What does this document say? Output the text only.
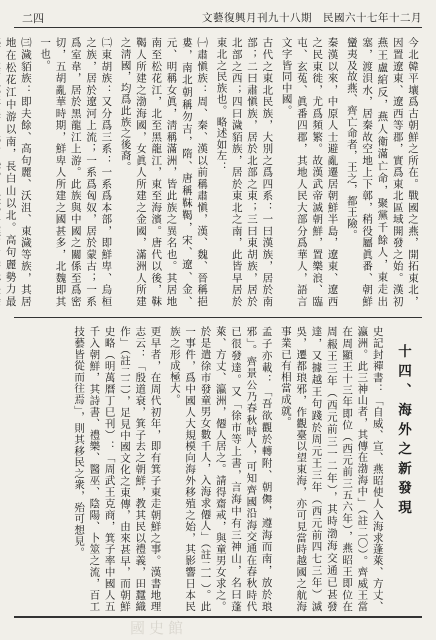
文藝復興月刊九十八期　民國六十七年十二月
二四
今北韓平壤爲古朝鮮之所在。戰國之燕，開拓東北，因置遼東、遼西等郡，實爲東北區域開發之始。漢初燕王盧綰反，燕人衛滿亡命，聚黨千餘人，東走出塞，渡浿水，居秦故空地上下鄣，稍役屬眞番、朝鮮蠻夷及故燕、齊亡命者，王之，都王險。
秦漢以來，中原人士避亂遷居朝鮮半島，遼東、遼西之民東徙，尤爲頻繁。故漢武帝滅朝鮮，置樂浪、臨屯、玄菟、眞番四郡，其地人民大部分爲華人，語言文字皆同中國。
古代之東北民族，大別之爲四系：一曰漢族，居於南部；二曰肅愼族，居於北部之東；三曰東胡族，居於北部之西；四曰濊貊族，居於東北之南，此皆早居於東北之民族也。略述如左：
㈠肅愼族：周、秦、漢以前稱肅愼，漢、魏、晉稱挹婁，南北朝稱勿吉，隋、唐稱靺鞨，宋、遼、金、元、明稱女眞，淸稱滿洲，皆此族之異名也。其居地南至松花江，北至黑龍江，東至海濱。唐代以後，靺鞨人所建之渤海國，女眞人所建之金國，滿洲人所建之淸國，均爲此族之後裔。
㈡東胡族：又分爲三系：一系爲本部，即鮮卑、烏桓之族，居於遼河上流；一系爲匈奴，居於蒙古；一系爲室韋，居於黑龍江上游。此族與中國之關係至爲密切，五胡亂華時期，鮮卑人所建之國甚多，北魏即其一也。
㈢濊貊族：即夫餘、高句麗、沃沮、東濊等族，其居地在松花江中游以南，長白山以北。高句麗勢力最
十四、海外之新發現
史記封禪書：「自威、宣、燕昭使人入海求蓬萊、方丈、瀛洲。此三神山者，其傳在渤海中」（註二〇）。齊威王當在周顯王十三年即位（西元前三五六年），燕昭王即位在周赧王三年（西元前三一二年），其時渤海交通已甚發達，又據越王句踐於周元王三年（西元前四七三年）滅吳，遷都琅邪，作觀臺以望東海，亦可見當時越國之航海事業已有相當成就。
孟子亦載：「吾欲觀於轉附、朝儛，遵海而南，放於琅邪」。齊景公乃春秋時人，可知齊國沿海交通在春秋時代已很發達。又「徐市等上書，言海中有三神山，名曰蓬萊、方丈、瀛洲，僊人居之。請得齋戒，與童男女求之。於是遣徐市發童男女數千人，入海求僊人」（註二一）。此一事件，爲中國人大規模向海外移殖之始，其影響日本民族之形成極大。
更早者，在周代初年，即有箕子東走朝鮮之事。漢書地理志云：「殷道衰，箕子去之朝鮮，教其民以禮義，田蠶織作」（註二二），足見中國文化之東傳，由來甚早，而朝鮮史略（明萬曆丁巳刊）：「周武王克商，箕子率中國人五千入朝鮮，其詩書、禮樂、醫巫、陰陽、卜筮之流，百工技藝皆從而往焉」，則其移民之衆，殆可想見。
國史館
